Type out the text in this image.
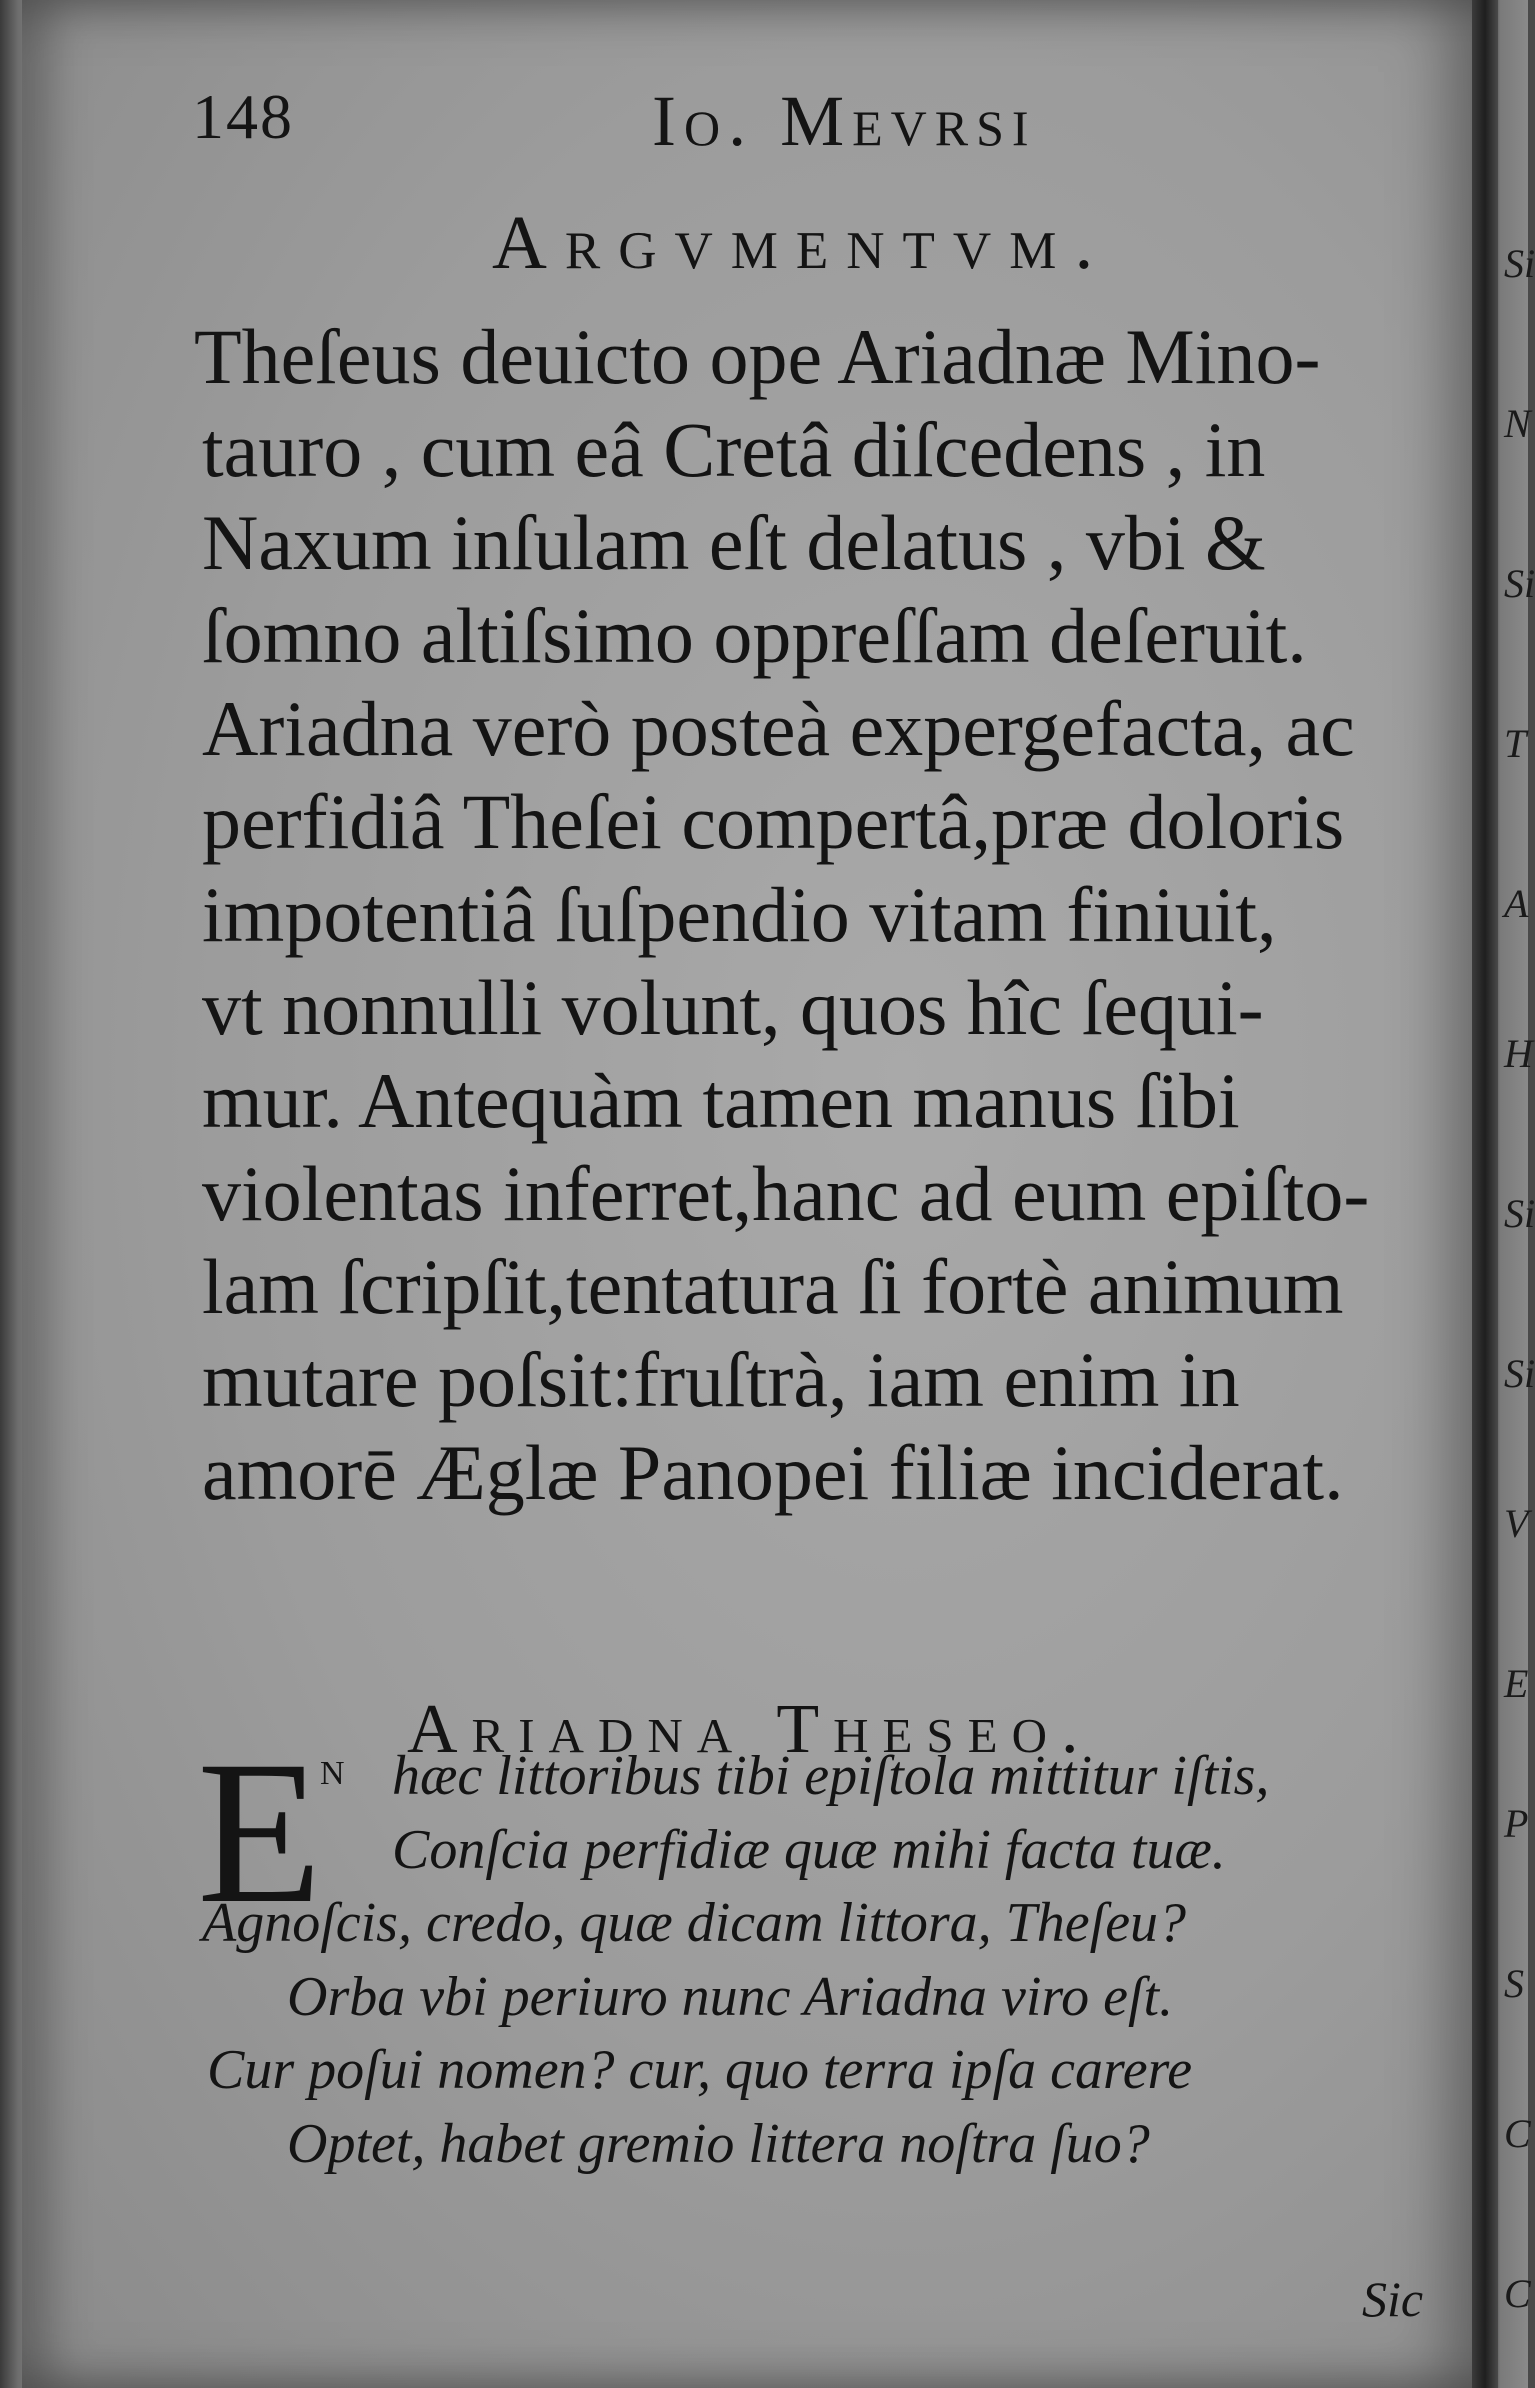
148	Io. Mevrsi
Argvmentvm.
Theſeus deuicto ope Ariadnæ Mino-
tauro , cum eâ Cretâ diſcedens , in
Naxum inſulam eſt delatus , vbi &
ſomno altiſsimo oppreſſam deſeruit.
Ariadna verò posteà expergefacta, ac
perfidiâ Theſei compertâ,præ doloris
impotentiâ ſuſpendio vitam finiuit,
vt nonnulli volunt, quos hîc ſequi-
mur. Antequàm tamen manus ſibi
violentas inferret,hanc ad eum epiſto-
lam ſcripſit,tentatura ſi fortè animum
mutare poſsit:fruſtrà, iam enim in
amorē Æglæ Panopei filiæ inciderat.
Ariadna Theseo.
E
N hæc littoribus tibi epiſtola mittitur iſtis,
Conſcia perfidiæ quæ mihi facta tuæ.
Agnoſcis, credo, quæ dicam littora, Theſeu?
Orba vbi periuro nunc Ariadna viro eſt.
Cur poſui nomen? cur, quo terra ipſa carere
Optet, habet gremio littera noſtra ſuo?
Sic
Si
N
Si
T
A
H
Si
Si
V
E
P
S
C
C
